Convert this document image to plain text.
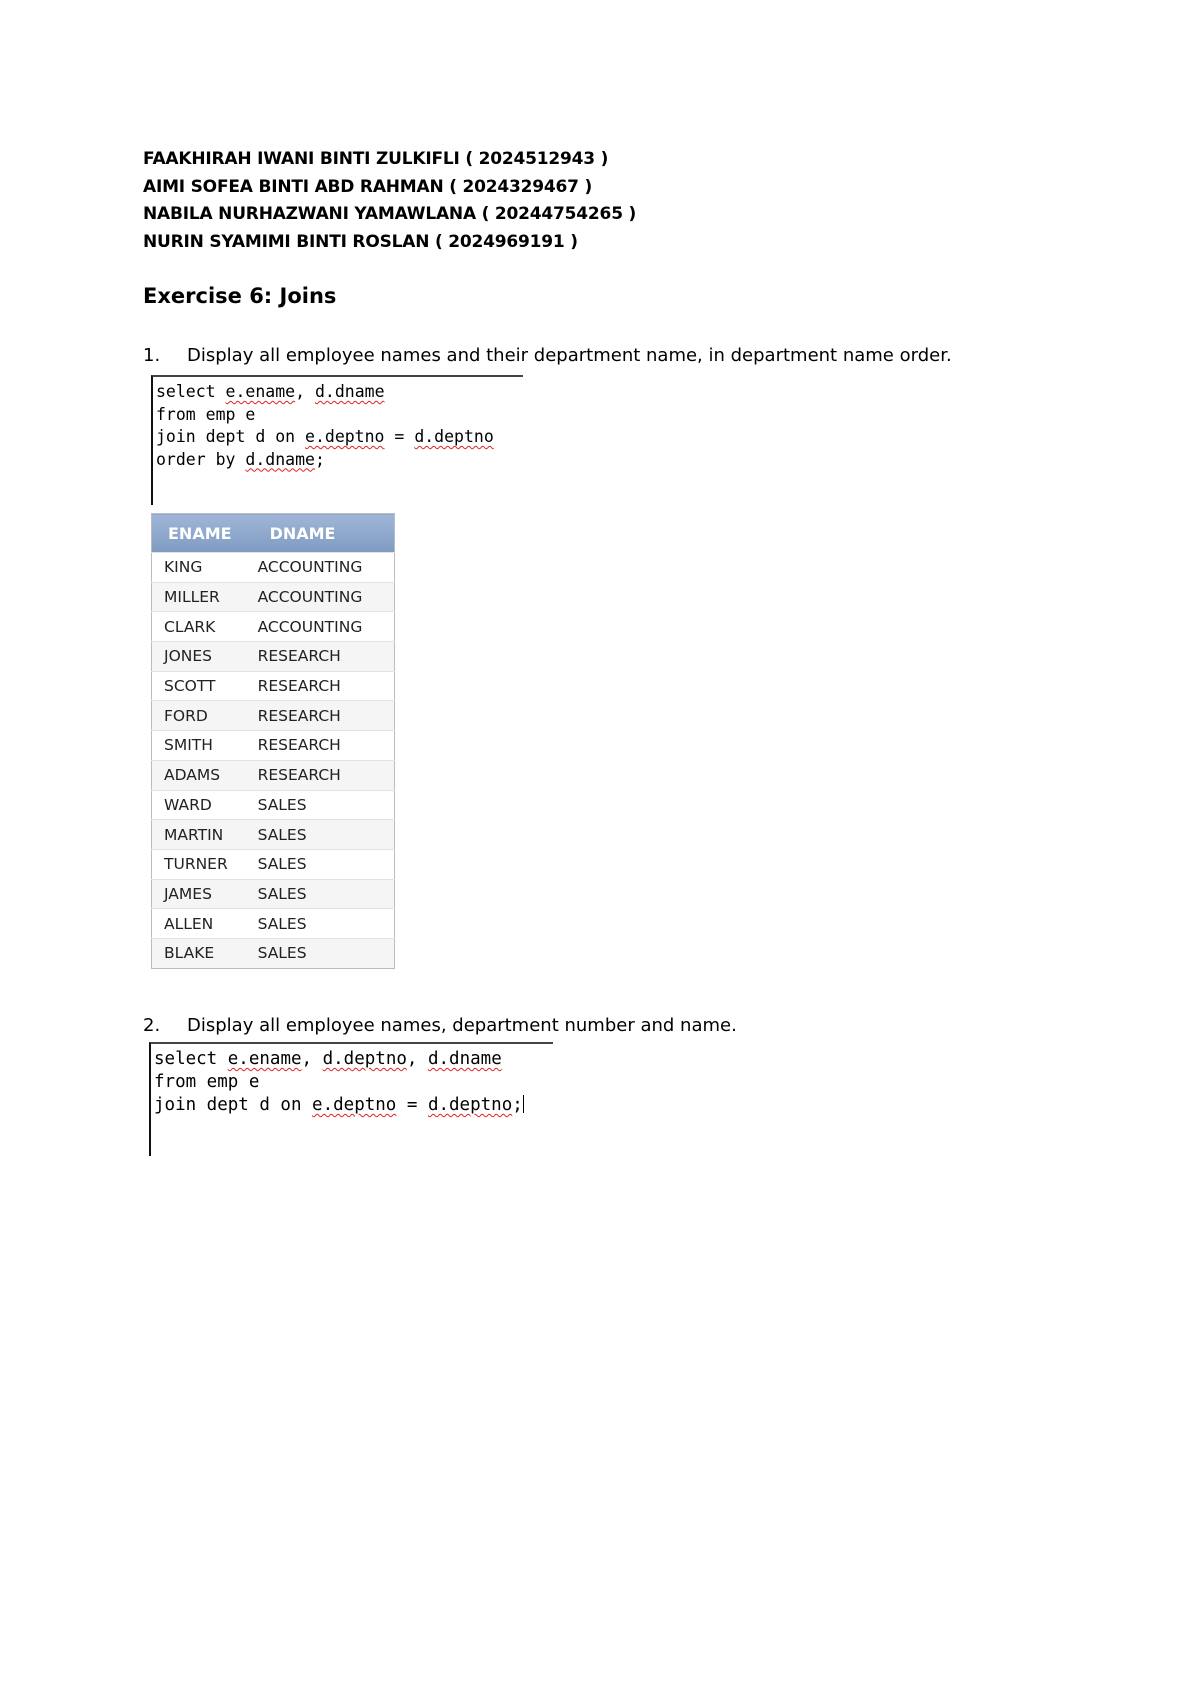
FAAKHIRAH IWANI BINTI ZULKIFLI ( 2024512943 )
AIMI SOFEA BINTI ABD RAHMAN ( 2024329467 )
NABILA NURHAZWANI YAMAWLANA ( 20244754265 )
NURIN SYAMIMI BINTI ROSLAN ( 2024969191 )
Exercise 6: Joins
1. Display all employee names and their department name, in department name order.
select e.ename, d.dname
from emp e
join dept d on e.deptno = d.deptno
order by d.dname;
ENAME	DNAME
KING	ACCOUNTING
MILLER	ACCOUNTING
CLARK	ACCOUNTING
JONES	RESEARCH
SCOTT	RESEARCH
FORD	RESEARCH
SMITH	RESEARCH
ADAMS	RESEARCH
WARD	SALES
MARTIN	SALES
TURNER	SALES
JAMES	SALES
ALLEN	SALES
BLAKE	SALES

2. Display all employee names, department number and name.
select e.ename, d.deptno, d.dname
from emp e
join dept d on e.deptno = d.deptno;
